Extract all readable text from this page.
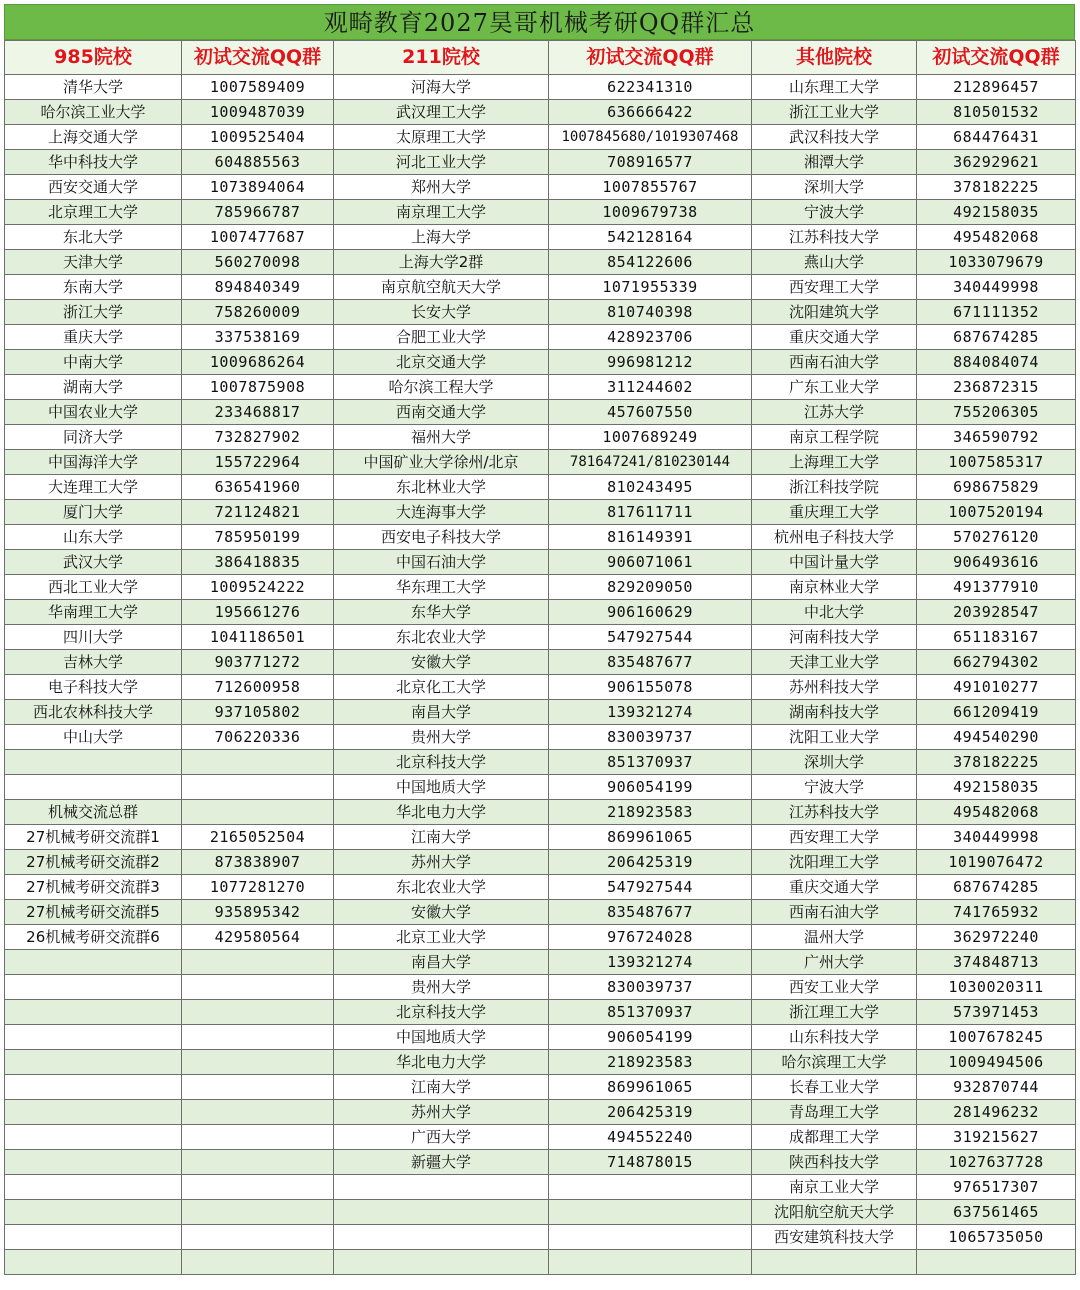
观畸教育2027昊哥机械考研QQ群汇总
985院校	初试交流QQ群	211院校	初试交流QQ群	其他院校	初试交流QQ群
清华大学	1007589409	河海大学	622341310	山东理工大学	212896457
哈尔滨工业大学	1009487039	武汉理工大学	636666422	浙江工业大学	810501532
上海交通大学	1009525404	太原理工大学	1007845680/1019307468	武汉科技大学	684476431
华中科技大学	604885563	河北工业大学	708916577	湘潭大学	362929621
西安交通大学	1073894064	郑州大学	1007855767	深圳大学	378182225
北京理工大学	785966787	南京理工大学	1009679738	宁波大学	492158035
东北大学	1007477687	上海大学	542128164	江苏科技大学	495482068
天津大学	560270098	上海大学2群	854122606	燕山大学	1033079679
东南大学	894840349	南京航空航天大学	1071955339	西安理工大学	340449998
浙江大学	758260009	长安大学	810740398	沈阳建筑大学	671111352
重庆大学	337538169	合肥工业大学	428923706	重庆交通大学	687674285
中南大学	1009686264	北京交通大学	996981212	西南石油大学	884084074
湖南大学	1007875908	哈尔滨工程大学	311244602	广东工业大学	236872315
中国农业大学	233468817	西南交通大学	457607550	江苏大学	755206305
同济大学	732827902	福州大学	1007689249	南京工程学院	346590792
中国海洋大学	155722964	中国矿业大学徐州/北京	781647241/810230144	上海理工大学	1007585317
大连理工大学	636541960	东北林业大学	810243495	浙江科技学院	698675829
厦门大学	721124821	大连海事大学	817611711	重庆理工大学	1007520194
山东大学	785950199	西安电子科技大学	816149391	杭州电子科技大学	570276120
武汉大学	386418835	中国石油大学	906071061	中国计量大学	906493616
西北工业大学	1009524222	华东理工大学	829209050	南京林业大学	491377910
华南理工大学	195661276	东华大学	906160629	中北大学	203928547
四川大学	1041186501	东北农业大学	547927544	河南科技大学	651183167
吉林大学	903771272	安徽大学	835487677	天津工业大学	662794302
电子科技大学	712600958	北京化工大学	906155078	苏州科技大学	491010277
西北农林科技大学	937105802	南昌大学	139321274	湖南科技大学	661209419
中山大学	706220336	贵州大学	830039737	沈阳工业大学	494540290
		北京科技大学	851370937	深圳大学	378182225
		中国地质大学	906054199	宁波大学	492158035
机械交流总群		华北电力大学	218923583	江苏科技大学	495482068
27机械考研交流群1	2165052504	江南大学	869961065	西安理工大学	340449998
27机械考研交流群2	873838907	苏州大学	206425319	沈阳理工大学	1019076472
27机械考研交流群3	1077281270	东北农业大学	547927544	重庆交通大学	687674285
27机械考研交流群5	935895342	安徽大学	835487677	西南石油大学	741765932
26机械考研交流群6	429580564	北京工业大学	976724028	温州大学	362972240
		南昌大学	139321274	广州大学	374848713
		贵州大学	830039737	西安工业大学	1030020311
		北京科技大学	851370937	浙江理工大学	573971453
		中国地质大学	906054199	山东科技大学	1007678245
		华北电力大学	218923583	哈尔滨理工大学	1009494506
		江南大学	869961065	长春工业大学	932870744
		苏州大学	206425319	青岛理工大学	281496232
		广西大学	494552240	成都理工大学	319215627
		新疆大学	714878015	陕西科技大学	1027637728
				南京工业大学	976517307
				沈阳航空航天大学	637561465
				西安建筑科技大学	1065735050
